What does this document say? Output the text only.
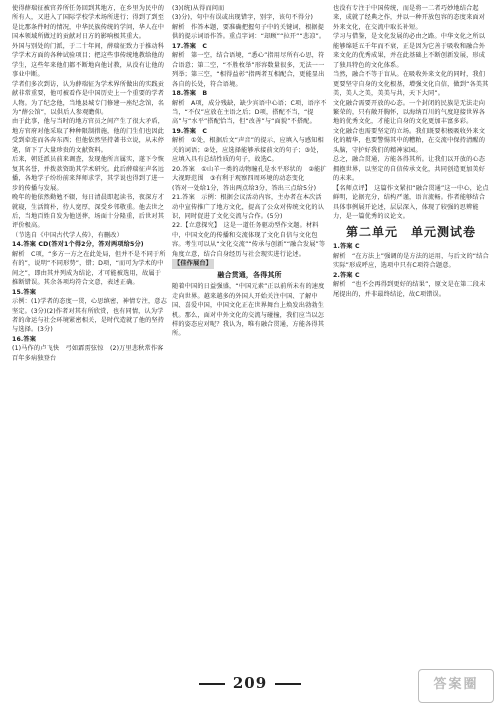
使得薛瑞征被官养所任务回到其地方，在乡里为民中的所有人，又进入了国际学校学术场所进行；得到了到至是比那条件时的情况，中华民族传统的学问，华人在中国本领域所做过的贡献对日方的影响极其重大。

外国与别处的门派，于二十年间，薛瑞征致力于推动科学学术方面的各种试验项目；把这些事传统地教给他的学生，这些年来他们都不断地向他讨教，从没有让他的事业中断。

学者们多次到访，认为薛瑞征为学术界所做出的实践贡献非常重要，他可被看作是中国历史上一个重要的学者人物。为了纪念他，当地县城专门修建一座纪念馆，名为“薛公馆”，以供后人参观瞻仰。

由于此事，他与当时的地方官员之间产生了很大矛盾，地方官府对他采取了种种限制措施，他的门生们也因此受到牵连而各奔东西；但他依然坚持著书立说，从未停笔，留下了大量珍贵的文献资料。

后来，朝廷派员前来调查，发现他所言属实，遂下令恢复其名誉，并拨款资助其学术研究。此后薛瑞征声名远播，各地学子纷纷前来拜师求学，其学说也得到了进一步的传播与发展。

晚年的他依然勤勉不辍，每日清晨即起读书，夜深方才就寝，生活简朴，待人宽厚，深受乡邻敬重。他去世之后，当地百姓自发为他送葬，场面十分隆重，后世对其评价极高。

（节选自《中国古代学人传》，有删改）

14.答案 CD(答对1个得2分，答对两项给5分)

解析　C项，“多方一方之在此处局，但并不是不同于所有的”，说明“不同形势”，错；D项，“而可为学术的中间之”，即由其并列成为结论，才可能被选用，故属于推断错误。其余各项均符合文意，表述正确。

15.答案

示例：(1)学者的态度一贯，心思缜密，神情专注，意志坚定。(3分)(2)作者对其有所欣赏，也有同情，认为学者的命运与社会环境紧密相关，是时代造就了他的坚持与选择。(3分)

16.答案

(1)马作的卢飞快　弓如霹雳弦惊　(2)万里悲秋常作客　百年多病独登台

(3)(统)从得而问而

(3)分)，句中有误或出现错字，别字，该句不得分)

解析　作答本题，要准确把握句子中的关键词，根据提供的提示词语作答。重点字词：“却顾”“拉开”“悲凉”。

17.答案　C

解析　第一空，结合语境，“悉心”指用尽所有心思，符合语意；第二空，“不胜枚举”形容数量很多，无法一一列举；第三空，“相得益彰”指两者互相配合，更能显出各自的长处，符合语境。

18.答案　B

解析　A项，成分残缺，缺少宾语中心语；C项，语序不当，“不仅”应放在主语之后；D项，搭配不当，“提高”与“水平”搭配恰当，但“改善”与“面貌”不搭配。

19.答案　C

解析　①处，根据后文“声音”的提示，应填入与感知相关的词语；②处，应选择能够承接前文的句子；③处，应填入具有总结性质的句子，故选C。

20.答案　①山羊一类的动物瞳孔是水平形状的　②能扩大视野范围　③有利于观察四周环境的动态变化

(答对一处给1分，答出两点给3分，答出三点给5分)

21.答案　示例：根据会议活动内容，主办者在本次活动中宣传推广了地方文化，提高了公众对传统文化的认识，同时促进了文化交流与合作。(5分)

22.【立意探究】　这是一道任务驱动型作文题。材料中，中国文化的传播和交流体现了文化自信与文化包容。考生可以从“文化交流”“传承与创新”“融合发展”等角度立意，结合自身经历与社会现实进行论述。

【佳作展台】

融合贯通，各得其所

随着中国的日益强盛，“中国元素”正以前所未有的速度走向世界。越来越多的外国人开始关注中国、了解中国、喜爱中国，中国文化正在世界舞台上焕发出勃勃生机。那么，面对中外文化的交流与碰撞，我们应当以怎样的姿态应对呢？我认为，唯有融合贯通，方能各得其所。

也没有专注于中国传统，而是将一二者巧妙地结合起来，成就了经典之作，并以一种开放包容的态度来面对外来文化，在交流中取长补短。

学习与借鉴，是文化发展的必由之路。中华文化之所以能够绵延五千年而不衰，正是因为它善于吸收和融合外来文化的优秀成果，并在此基础上不断创新发展，形成了独具特色的文化体系。

当然，融合不等于盲从。在吸收外来文化的同时，我们更要坚守自身的文化根基，增强文化自信，做到“各美其美，美人之美，美美与共，天下大同”。

文化融合需要开放的心态。一个封闭的民族是无法走向繁荣的，只有敞开胸怀，以海纳百川的气度迎接世界各地的优秀文化，才能让自身的文化更加丰富多彩。

文化融合也需要坚定的立场。我们既要积极吸收外来文化的精华，也要警惕其中的糟粕，在交流中保持清醒的头脑，守护好我们的精神家园。

总之，融合贯通，方能各得其所。让我们以开放的心态拥抱世界，以坚定的自信传承文化，共同创造更加美好的未来。

【名师点评】　这篇作文紧扣“融合贯通”这一中心，论点鲜明，论据充分，结构严谨，语言流畅。作者能够结合具体事例展开论述，层层深入，体现了较强的思辨能力，是一篇优秀的议论文。

第二单元　单元测试卷

1.答案 C

解析　“在方法上”强调的是方法的运用，与后文的“结合实际”形成呼应，选项中只有C项符合题意。

2.答案 C

解析　“也不会再得到更好的结果”，原文是在第二段末尾提出的，并非最终结论，故C项错误。

209	答案圈
